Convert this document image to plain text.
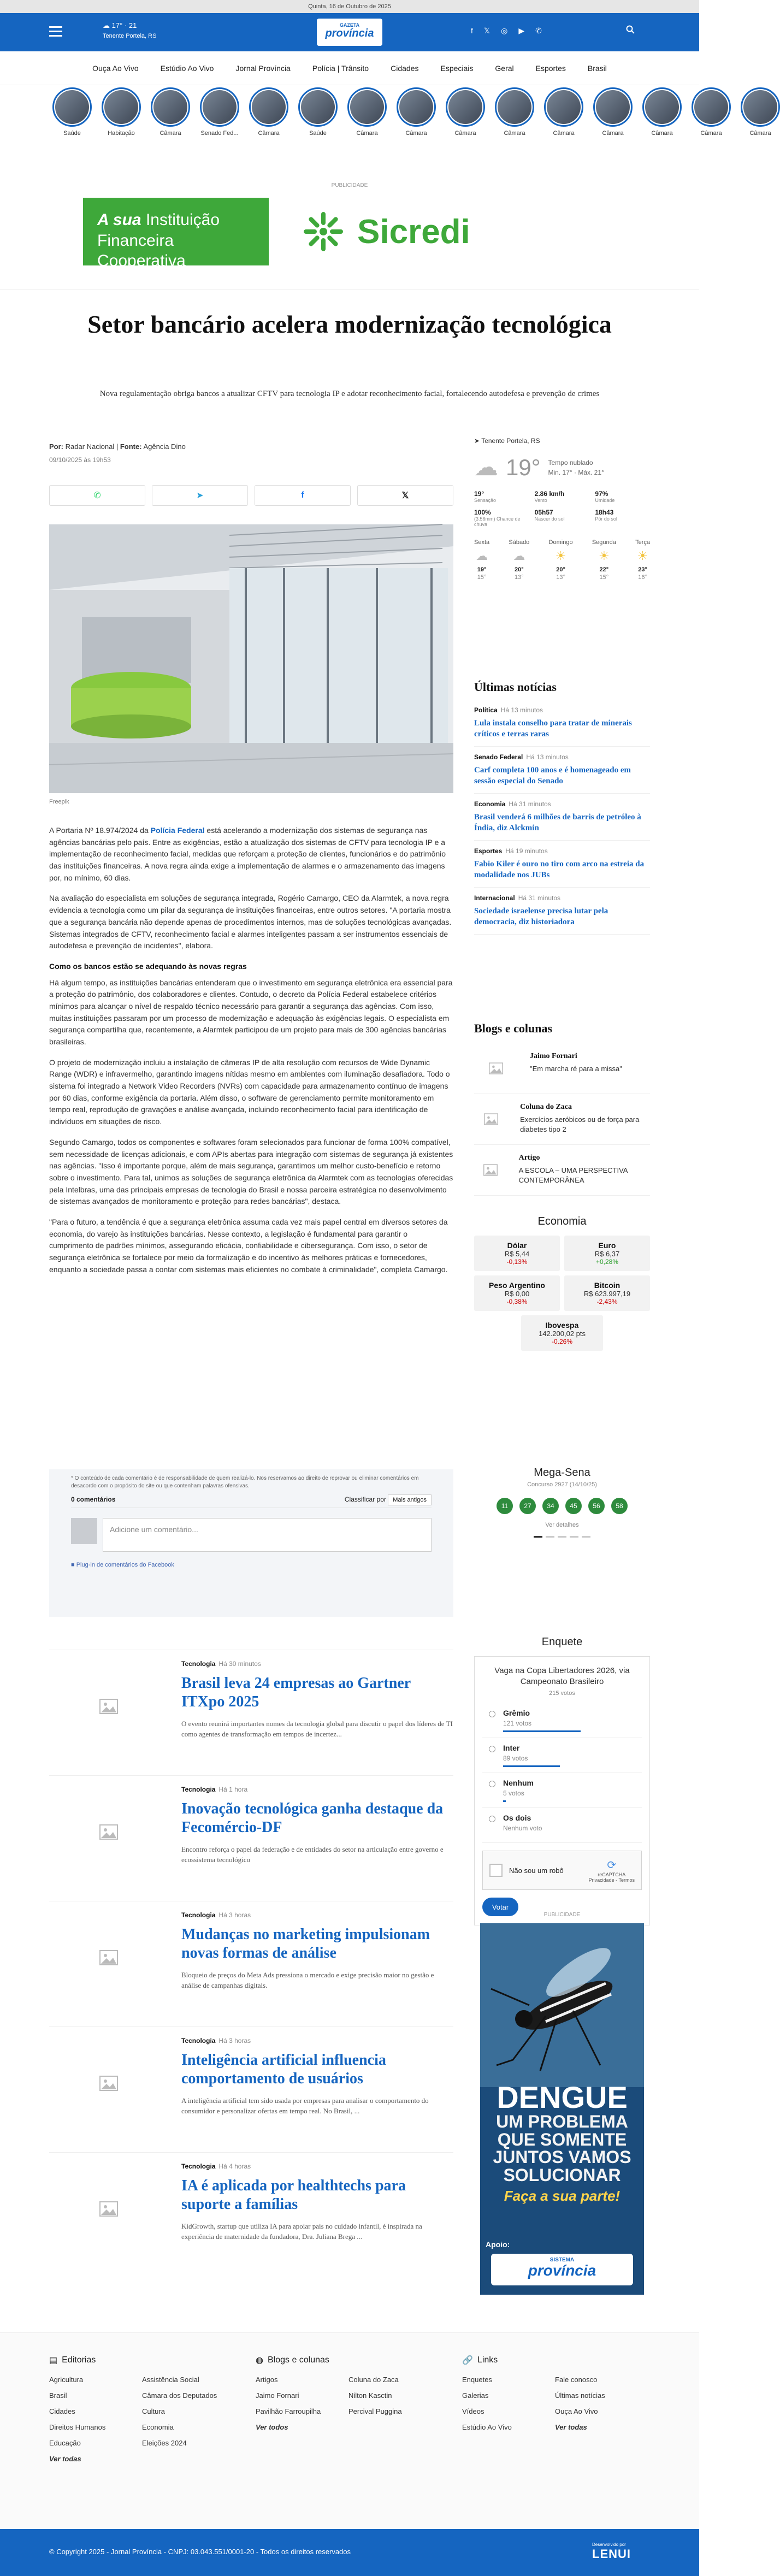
Quinta, 16 de Outubro de 2025
☁ 17° · 21
Tenente Portela, RS
GAZETA
província	f 𝕏 ◎ ▶ ✆
Ouça Ao Vivo	Estúdio Ao Vivo	Jornal Província	Polícia | Trânsito	Cidades	Especiais	Geral	Esportes	Brasil
Saúde	Habitação	Câmara	Senado Fed...	Câmara	Saúde	Câmara	Câmara	Câmara	Câmara	Câmara	Câmara	Câmara	Câmara	Câmara
PUBLICIDADE
A sua Instituição
Financeira Cooperativa
Sicredi
Setor bancário acelera modernização tecnológica
Nova regulamentação obriga bancos a atualizar CFTV para tecnologia IP e adotar reconhecimento facial, fortalecendo autodefesa e prevenção de crimes
Por: Radar Nacional | Fonte: Agência Dino
09/10/2025 às 19h53
✆	➤	f	𝕏
Freepik

A Portaria Nº 18.974/2024 da Polícia Federal está acelerando a modernização dos sistemas de segurança nas agências bancárias pelo país. Entre as exigências, estão a atualização dos sistemas de CFTV para tecnologia IP e a implementação de reconhecimento facial, medidas que reforçam a proteção de clientes, funcionários e do patrimônio das instituições financeiras. A nova regra ainda exige a implementação de alarmes e o armazenamento das imagens por, no mínimo, 60 dias.

Na avaliação do especialista em soluções de segurança integrada, Rogério Camargo, CEO da Alarmtek, a nova regra evidencia a tecnologia como um pilar da segurança de instituições financeiras, entre outros setores. "A portaria mostra que a segurança bancária não depende apenas de procedimentos internos, mas de soluções tecnológicas avançadas. Sistemas integrados de CFTV, reconhecimento facial e alarmes inteligentes passam a ser instrumentos essenciais de autodefesa e prevenção de incidentes", elabora.

Como os bancos estão se adequando às novas regras

Há algum tempo, as instituições bancárias entenderam que o investimento em segurança eletrônica era essencial para a proteção do patrimônio, dos colaboradores e clientes. Contudo, o decreto da Polícia Federal estabelece critérios mínimos para alcançar o nível de respaldo técnico necessário para garantir a segurança das agências. Com isso, muitas instituições passaram por um processo de modernização e adequação às exigências legais. O especialista em segurança compartilha que, recentemente, a Alarmtek participou de um projeto para mais de 300 agências bancárias brasileiras.

O projeto de modernização incluiu a instalação de câmeras IP de alta resolução com recursos de Wide Dynamic Range (WDR) e infravermelho, garantindo imagens nítidas mesmo em ambientes com iluminação desafiadora. Todo o sistema foi integrado a Network Video Recorders (NVRs) com capacidade para armazenamento contínuo de imagens por 60 dias, conforme exigência da portaria. Além disso, o software de gerenciamento permite monitoramento em tempo real, reprodução de gravações e análise avançada, incluindo reconhecimento facial para identificação de indivíduos em situações de risco.

Segundo Camargo, todos os componentes e softwares foram selecionados para funcionar de forma 100% compatível, sem necessidade de licenças adicionais, e com APIs abertas para integração com sistemas de segurança já existentes nas agências. "Isso é importante porque, além de mais segurança, garantimos um melhor custo-benefício e retorno sobre o investimento. Para tal, unimos as soluções de segurança eletrônica da Alarmtek com as tecnologias oferecidas pela Intelbras, uma das principais empresas de tecnologia do Brasil e nossa parceira estratégica no desenvolvimento de sistemas avançados de monitoramento e proteção para redes bancárias", destaca.

"Para o futuro, a tendência é que a segurança eletrônica assuma cada vez mais papel central em diversos setores da economia, do varejo às instituições bancárias. Nesse contexto, a legislação é fundamental para garantir o cumprimento de padrões mínimos, assegurando eficácia, confiabilidade e cibersegurança. Com isso, o setor de segurança eletrônica se fortalece por meio da formalização e do incentivo às melhores práticas e fornecedores, enquanto a sociedade passa a contar com sistemas mais eficientes no combate à criminalidade", completa Camargo.

* O conteúdo de cada comentário é de responsabilidade de quem realizá-lo. Nos reservamos ao direito de reprovar ou eliminar comentários em desacordo com o propósito do site ou que contenham palavras ofensivas.
0 comentários	Classificar por Mais antigos
Adicione um comentário...
■ Plug-in de comentários do Facebook
Tecnologia Há 30 minutos
Brasil leva 24 empresas ao Gartner ITXpo 2025
O evento reunirá importantes nomes da tecnologia global para discutir o papel dos líderes de TI como agentes de transformação em tempos de incertez...
Tecnologia Há 1 hora
Inovação tecnológica ganha destaque da Fecomércio-DF
Encontro reforça o papel da federação e de entidades do setor na articulação entre governo e ecossistema tecnológico
Tecnologia Há 3 horas
Mudanças no marketing impulsionam novas formas de análise
Bloqueio de preços do Meta Ads pressiona o mercado e exige precisão maior no gestão e análise de campanhas digitais.
Tecnologia Há 3 horas
Inteligência artificial influencia comportamento de usuários
A inteligência artificial tem sido usada por empresas para analisar o comportamento do consumidor e personalizar ofertas em tempo real. No Brasil, ...
Tecnologia Há 4 horas
IA é aplicada por healthtechs para suporte a famílias
KidGrowth, startup que utiliza IA para apoiar pais no cuidado infantil, é inspirada na experiência de maternidade da fundadora, Dra. Juliana Brega ...
➤ Tenente Portela, RS
☁ 19° Tempo nublado
Min. 17° · Máx. 21°
19°
Sensação
2.86 km/h
Vento
97%
Umidade
100%
(3.56mm) Chance de chuva
05h57
Nascer do sol
18h43
Pôr do sol
Sexta
☁
19°
15°
Sábado
☁
20°
13°
Domingo
☀
20°
13°
Segunda
☀
22°
15°
Terça
☀
23°
16°
Últimas notícias
Política Há 13 minutos
Lula instala conselho para tratar de minerais críticos e terras raras
Senado Federal Há 13 minutos
Carf completa 100 anos e é homenageado em sessão especial do Senado
Economia Há 31 minutos
Brasil venderá 6 milhões de barris de petróleo à Índia, diz Alckmin
Esportes Há 19 minutos
Fabio Kiler é ouro no tiro com arco na estreia da modalidade nos JUBs
Internacional Há 31 minutos
Sociedade israelense precisa lutar pela democracia, diz historiadora
Blogs e colunas
Jaimo Fornari
"Em marcha ré para a missa"
Coluna do Zaca
Exercícios aeróbicos ou de força para diabetes tipo 2
Artigo
A ESCOLA – UMA PERSPECTIVA CONTEMPORÂNEA
Economia
Dólar
R$ 5,44
-0,13%
Euro
R$ 6,37
+0,28%
Peso Argentino
R$ 0,00
-0,38%
Bitcoin
R$ 623.997,19
-2,43%
Ibovespa
142.200,02 pts
-0.26%
Mega-Sena
Concurso 2927 (14/10/25)
11	27	34	45	56	58
Ver detalhes
Enquete
Vaga na Copa Libertadores 2026, via Campeonato Brasileiro
215 votos
Grêmio
121 votos
Inter
89 votos
Nenhum
5 votos
Os dois
Nenhum voto
Não sou um robô	⟳
reCAPTCHA
Privacidade - Termos
Votar
PUBLICIDADE
DENGUE
UM PROBLEMA
QUE SOMENTE
JUNTOS VAMOS
SOLUCIONAR
Faça a sua parte!
Apoio:
SISTEMA
província
▤ Editorias
Agricultura	Assistência Social
Brasil	Câmara dos Deputados
Cidades	Cultura
Direitos Humanos	Economia
Educação	Eleições 2024
Ver todas
◍ Blogs e colunas
Artigos	Coluna do Zaca
Jaimo Fornari	Nilton Kasctin
Pavilhão Farroupilha	Percival Puggina
Ver todos
🔗 Links
Enquetes	Fale conosco
Galerias	Últimas notícias
Vídeos	Ouça Ao Vivo
Estúdio Ao Vivo	Ver todas
© Copyright 2025 - Jornal Província - CNPJ: 03.043.551/0001-20 - Todos os direitos reservados
Desenvolvido por
LENUI
